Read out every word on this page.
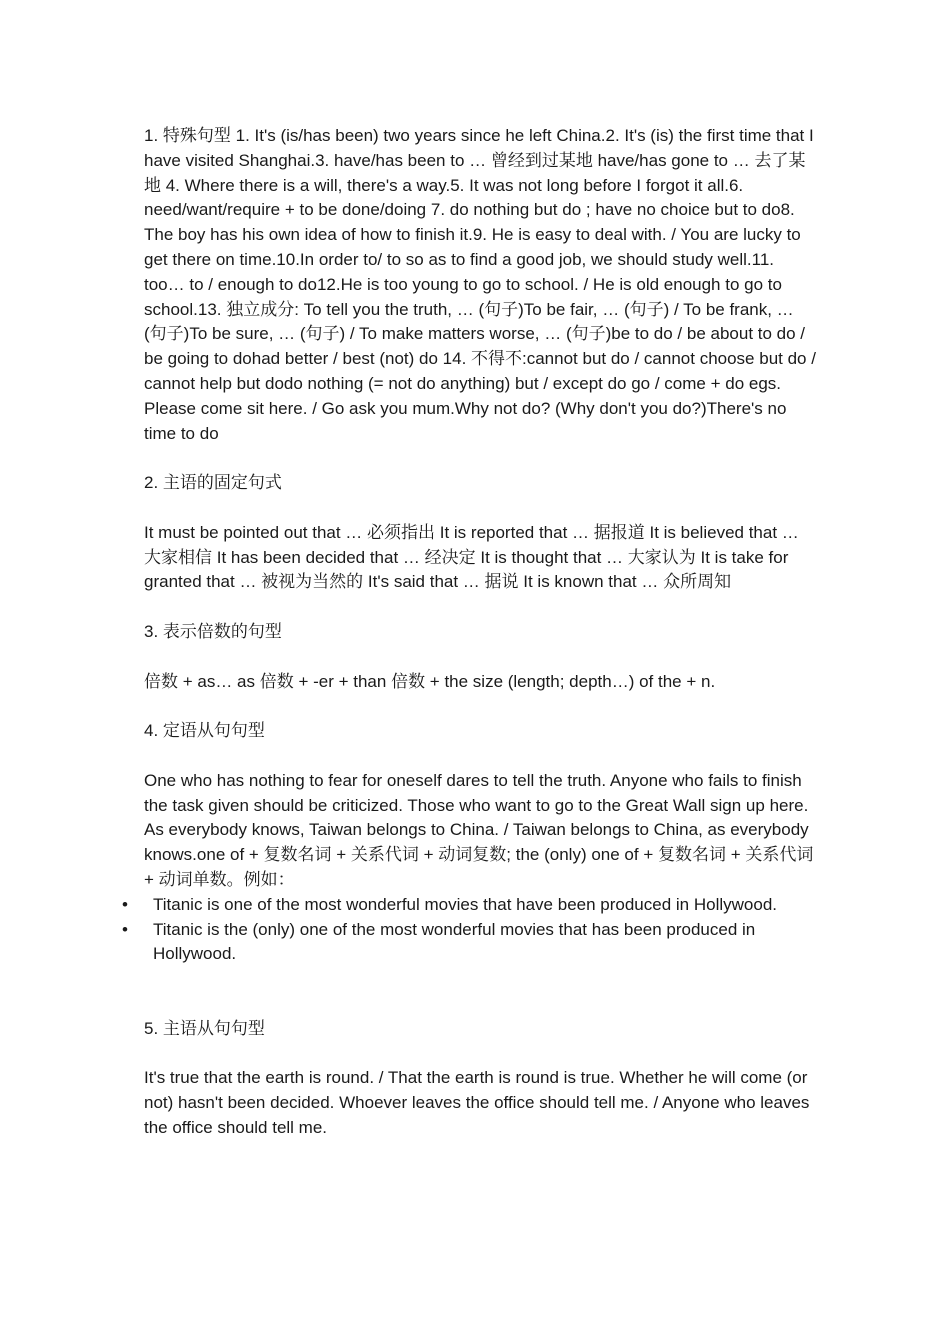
1. 特殊句型 1. It's (is/has been) two years since he left China.2. It's (is) the first time that I have visited Shanghai.3. have/has been to … 曾经到过某地 have/has gone to … 去了某地 4. Where there is a will, there's a way.5. It was not long before I forgot it all.6. need/want/require + to be done/doing 7. do nothing but do ; have no choice but to do8. The boy has his own idea of how to finish it.9. He is easy to deal with. / You are lucky to get there on time.10.In order to/ to so as to find a good job, we should study well.11. too… to / enough to do12.He is too young to go to school. / He is old enough to go to school.13. 独立成分: To tell you the truth, … (句子)To be fair, … (句子) / To be frank, … (句子)To be sure, … (句子) / To make matters worse, … (句子)be to do / be about to do / be going to dohad better / best (not) do 14. 不得不:cannot but do / cannot choose but do / cannot help but dodo nothing (= not do anything) but / except do go / come + do egs. Please come sit here. / Go ask you mum.Why not do? (Why don't you do?)There's no time to do

2. 主语的固定句式

It must be pointed out that … 必须指出 It is reported that … 据报道 It is believed that … 大家相信 It has been decided that … 经决定 It is thought that … 大家认为 It is take for granted that … 被视为当然的 It's said that … 据说 It is known that … 众所周知

3. 表示倍数的句型

倍数 + as… as 倍数 + -er + than 倍数 + the size (length; depth…) of the + n.

4. 定语从句句型

One who has nothing to fear for oneself dares to tell the truth. Anyone who fails to finish the task given should be criticized. Those who want to go to the Great Wall sign up here. As everybody knows, Taiwan belongs to China. / Taiwan belongs to China, as everybody knows.one of + 复数名词 + 关系代词 + 动词复数; the (only) one of + 复数名词 + 关系代词 + 动词单数。例如：

• Titanic is one of the most wonderful movies that have been produced in Hollywood.
• Titanic is the (only) one of the most wonderful movies that has been produced in Hollywood.

5. 主语从句句型

It's true that the earth is round. / That the earth is round is true. Whether he will come (or not) hasn't been decided. Whoever leaves the office should tell me. / Anyone who leaves the office should tell me.
